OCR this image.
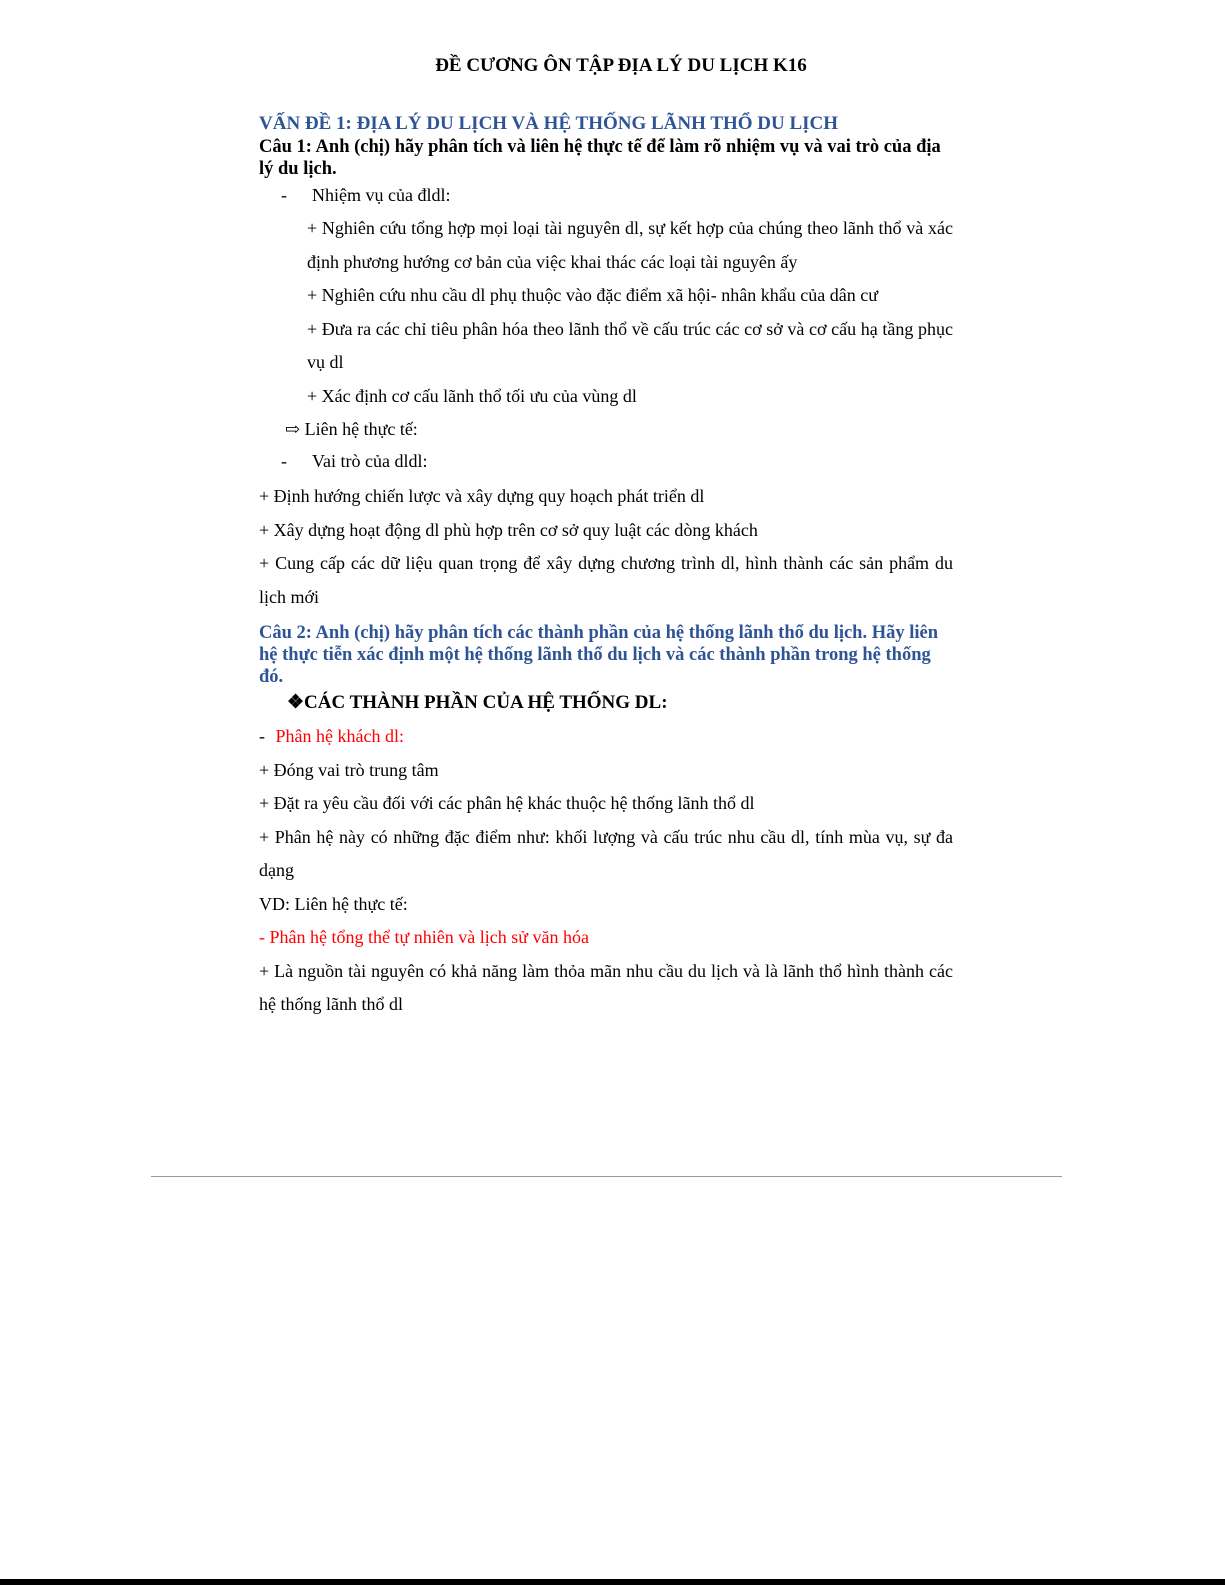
ĐỀ CƯƠNG ÔN TẬP ĐỊA LÝ DU LỊCH K16

VẤN ĐỀ 1: ĐỊA LÝ DU LỊCH VÀ HỆ THỐNG LÃNH THỔ DU LỊCH

Câu 1: Anh (chị) hãy phân tích và liên hệ thực tế để làm rõ nhiệm vụ và vai trò của địa lý du lịch.

- Nhiệm vụ của đldl:

+ Nghiên cứu tổng hợp mọi loại tài nguyên dl, sự kết hợp của chúng theo lãnh thổ và xác định phương hướng cơ bản của việc khai thác các loại tài nguyên ấy

+ Nghiên cứu nhu cầu dl phụ thuộc vào đặc điểm xã hội- nhân khẩu của dân cư

+ Đưa ra các chỉ tiêu phân hóa theo lãnh thổ về cấu trúc các cơ sở và cơ cấu hạ tầng phục vụ dl

+ Xác định cơ cấu lãnh thổ tối ưu của vùng dl

⇨ Liên hệ thực tế:
- Vai trò của dldl:

+ Định hướng chiến lược và xây dựng quy hoạch phát triển dl

+ Xây dựng hoạt động dl phù hợp trên cơ sở quy luật các dòng khách

+ Cung cấp các dữ liệu quan trọng để xây dựng chương trình dl, hình thành các sản phẩm du lịch mới

Câu 2: Anh (chị) hãy phân tích các thành phần của hệ thống lãnh thổ du lịch. Hãy liên hệ thực tiễn xác định một hệ thống lãnh thổ du lịch và các thành phần trong hệ thống đó.

❖CÁC THÀNH PHẦN CỦA HỆ THỐNG DL:

- Phân hệ khách dl:

+ Đóng vai trò trung tâm

+ Đặt ra yêu cầu đối với các phân hệ khác thuộc hệ thống lãnh thổ dl

+ Phân hệ này có những đặc điểm như: khối lượng và cấu trúc nhu cầu dl, tính mùa vụ, sự đa dạng

VD: Liên hệ thực tế:

- Phân hệ tổng thể tự nhiên và lịch sử văn hóa

+ Là nguồn tài nguyên có khả năng làm thỏa mãn nhu cầu du lịch và là lãnh thổ hình thành các hệ thống lãnh thổ dl
